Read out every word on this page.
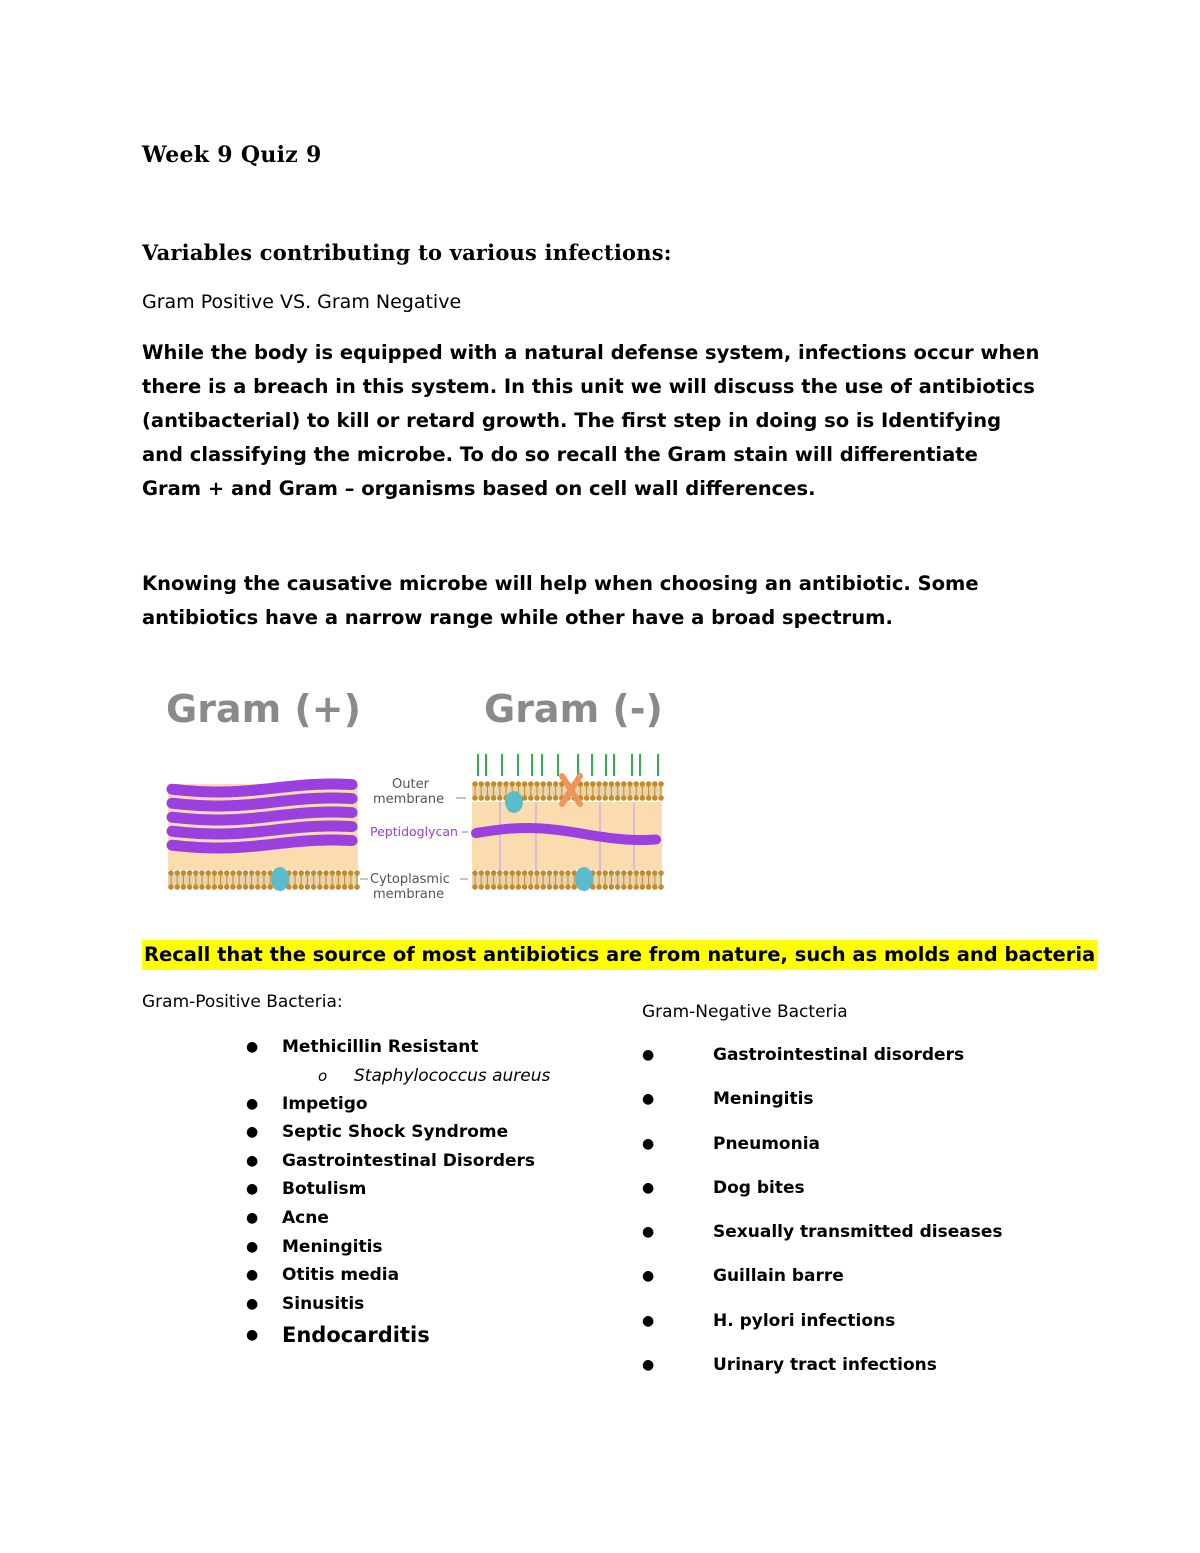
Week 9 Quiz 9
Variables contributing to various infections:
Gram Positive VS. Gram Negative
While the body is equipped with a natural defense system, infections occur when there is a breach in this system. In this unit we will discuss the use of antibiotics (antibacterial) to kill or retard growth. The first step in doing so is Identifying and classifying the microbe. To do so recall the Gram stain will differentiate Gram + and Gram – organisms based on cell wall differences.
Knowing the causative microbe will help when choosing an antibiotic. Some antibiotics have a narrow range while other have a broad spectrum.
Gram (+)	Gram (-)
Outer
membrane
Peptidoglycan
Cytoplasmic
membrane
Recall that the source of most antibiotics are from nature, such as molds and bacteria
Gram-Positive Bacteria:
● Methicillin Resistant
o Staphylococcus aureus
● Impetigo
● Septic Shock Syndrome
● Gastrointestinal Disorders
● Botulism
● Acne
● Meningitis
● Otitis media
● Sinusitis
● Endocarditis
Gram-Negative Bacteria
●	Gastrointestinal disorders
●	Meningitis
●	Pneumonia
●	Dog bites
●	Sexually transmitted diseases
●	Guillain barre
●	H. pylori infections
●	Urinary tract infections
